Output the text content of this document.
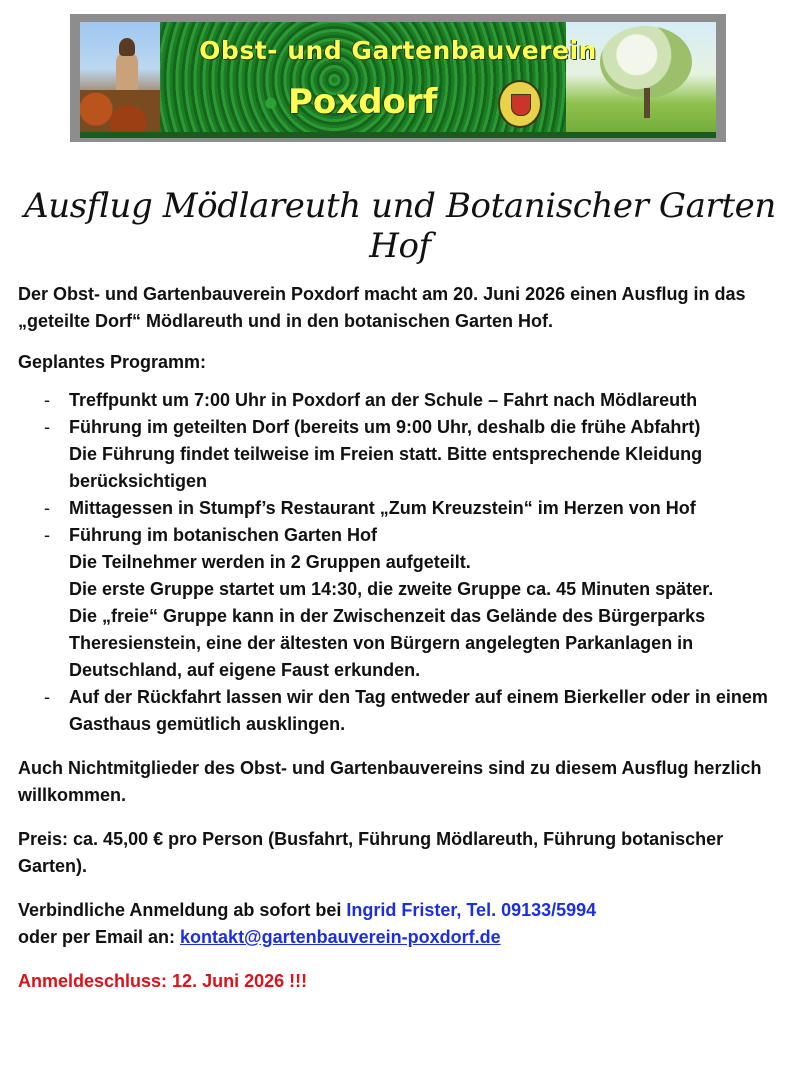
Obst- und Gartenbauverein
Poxdorf
Ausflug Mödlareuth und Botanischer Garten Hof

Der Obst- und Gartenbauverein Poxdorf macht am 20. Juni 2026 einen Ausflug in das „geteilte Dorf“ Mödlareuth und in den botanischen Garten Hof.

Geplantes Programm:

- Treffpunkt um 7:00 Uhr in Poxdorf an der Schule – Fahrt nach Mödlareuth
- Führung im geteilten Dorf (bereits um 9:00 Uhr, deshalb die frühe Abfahrt)
Die Führung findet teilweise im Freien statt. Bitte entsprechende Kleidung berücksichtigen
- Mittagessen in Stumpf’s Restaurant „Zum Kreuzstein“ im Herzen von Hof
- Führung im botanischen Garten Hof
Die Teilnehmer werden in 2 Gruppen aufgeteilt.
Die erste Gruppe startet um 14:30, die zweite Gruppe ca. 45 Minuten später.
Die „freie“ Gruppe kann in der Zwischenzeit das Gelände des Bürgerparks Theresienstein, eine der ältesten von Bürgern angelegten Parkanlagen in Deutschland, auf eigene Faust erkunden.
- Auf der Rückfahrt lassen wir den Tag entweder auf einem Bierkeller oder in einem Gasthaus gemütlich ausklingen.

Auch Nichtmitglieder des Obst- und Gartenbauvereins sind zu diesem Ausflug herzlich willkommen.

Preis: ca. 45,00 € pro Person (Busfahrt, Führung Mödlareuth, Führung botanischer Garten).

Verbindliche Anmeldung ab sofort bei Ingrid Frister, Tel. 09133/5994
oder per Email an: kontakt@gartenbauverein-poxdorf.de

Anmeldeschluss: 12. Juni 2026 !!!
